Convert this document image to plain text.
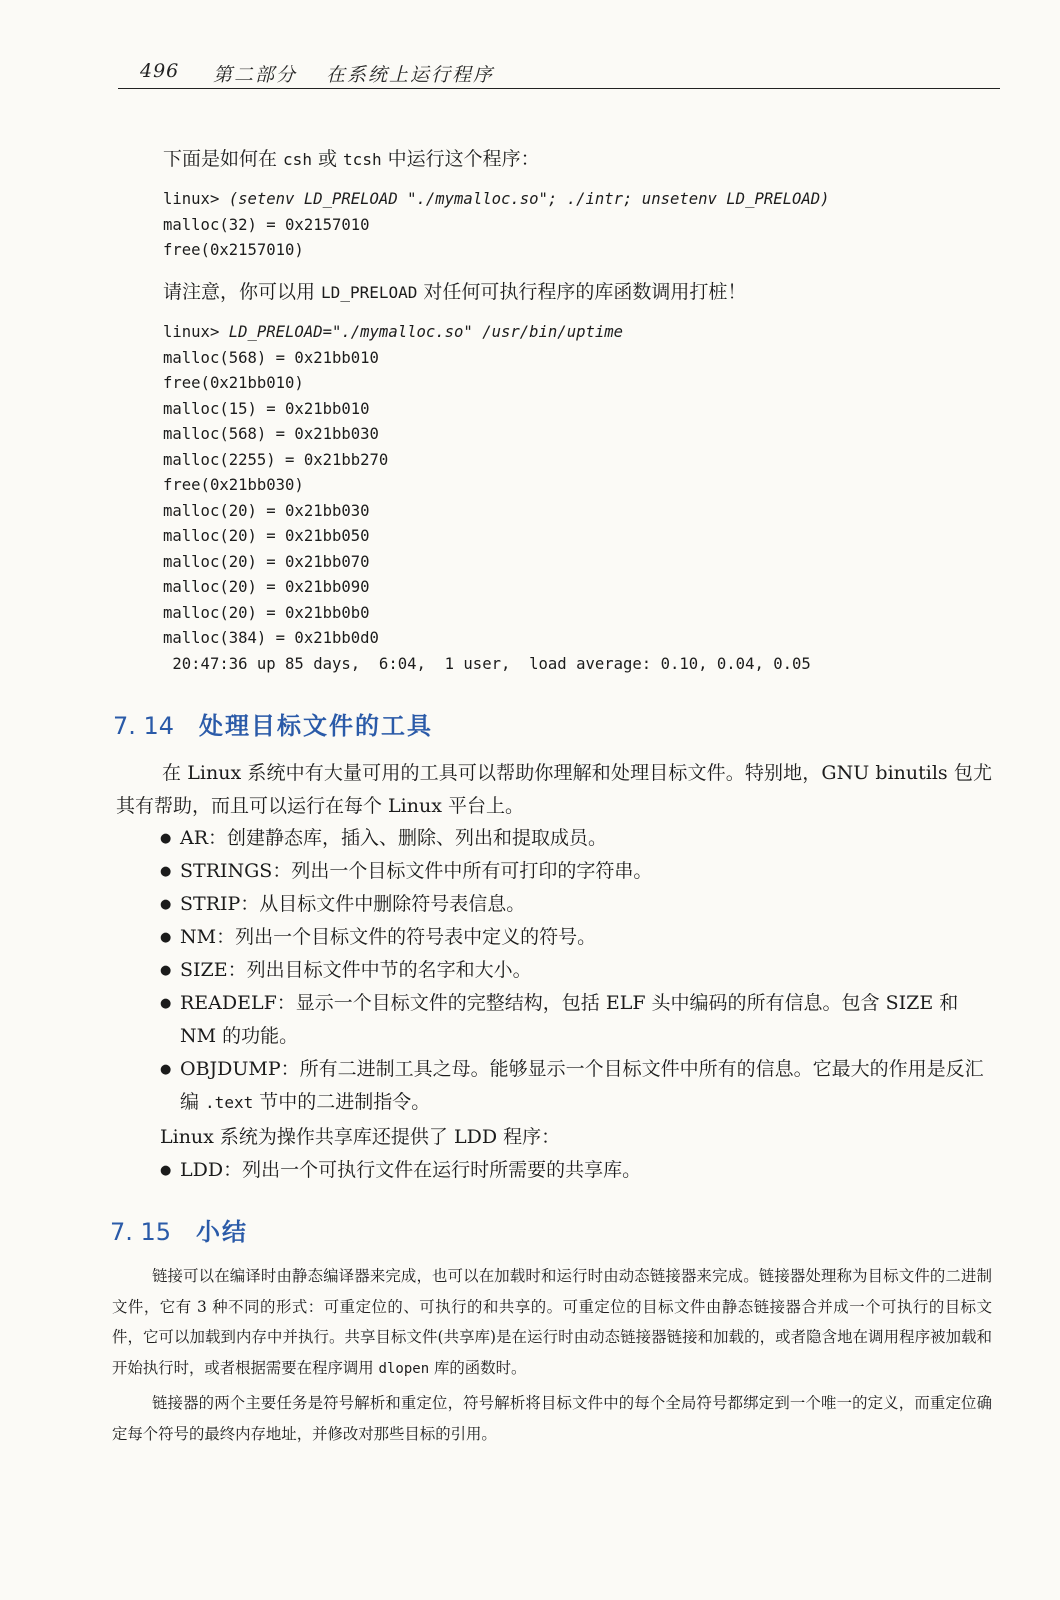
496 第二部分 在系统上运行程序
下面是如何在 csh 或 tcsh 中运行这个程序：
linux> (setenv LD_PRELOAD "./mymalloc.so"; ./intr; unsetenv LD_PRELOAD)
malloc(32) = 0x2157010
free(0x2157010)
请注意，你可以用 LD_PRELOAD 对任何可执行程序的库函数调用打桩！
linux> LD_PRELOAD="./mymalloc.so" /usr/bin/uptime
malloc(568) = 0x21bb010
free(0x21bb010)
malloc(15) = 0x21bb010
malloc(568) = 0x21bb030
malloc(2255) = 0x21bb270
free(0x21bb030)
malloc(20) = 0x21bb030
malloc(20) = 0x21bb050
malloc(20) = 0x21bb070
malloc(20) = 0x21bb090
malloc(20) = 0x21bb0b0
malloc(384) = 0x21bb0d0
20:47:36 up 85 days,  6:04,  1 user,  load average: 0.10, 0.04, 0.05
7. 14 处理目标文件的工具

在 Linux 系统中有大量可用的工具可以帮助你理解和处理目标文件。特别地，GNU binutils 包尤其有帮助，而且可以运行在每个 Linux 平台上。

● AR：创建静态库，插入、删除、列出和提取成员。
● STRINGS：列出一个目标文件中所有可打印的字符串。
● STRIP：从目标文件中删除符号表信息。
● NM：列出一个目标文件的符号表中定义的符号。
● SIZE：列出目标文件中节的名字和大小。
● READELF：显示一个目标文件的完整结构，包括 ELF 头中编码的所有信息。包含 SIZE 和 NM 的功能。
● OBJDUMP：所有二进制工具之母。能够显示一个目标文件中所有的信息。它最大的作用是反汇编 .text 节中的二进制指令。
Linux 系统为操作共享库还提供了 LDD 程序：
● LDD：列出一个可执行文件在运行时所需要的共享库。
7. 15 小结

链接可以在编译时由静态编译器来完成，也可以在加载时和运行时由动态链接器来完成。链接器处理称为目标文件的二进制文件，它有 3 种不同的形式：可重定位的、可执行的和共享的。可重定位的目标文件由静态链接器合并成一个可执行的目标文件，它可以加载到内存中并执行。共享目标文件(共享库)是在运行时由动态链接器链接和加载的，或者隐含地在调用程序被加载和开始执行时，或者根据需要在程序调用 dlopen 库的函数时。

链接器的两个主要任务是符号解析和重定位，符号解析将目标文件中的每个全局符号都绑定到一个唯一的定义，而重定位确定每个符号的最终内存地址，并修改对那些目标的引用。
